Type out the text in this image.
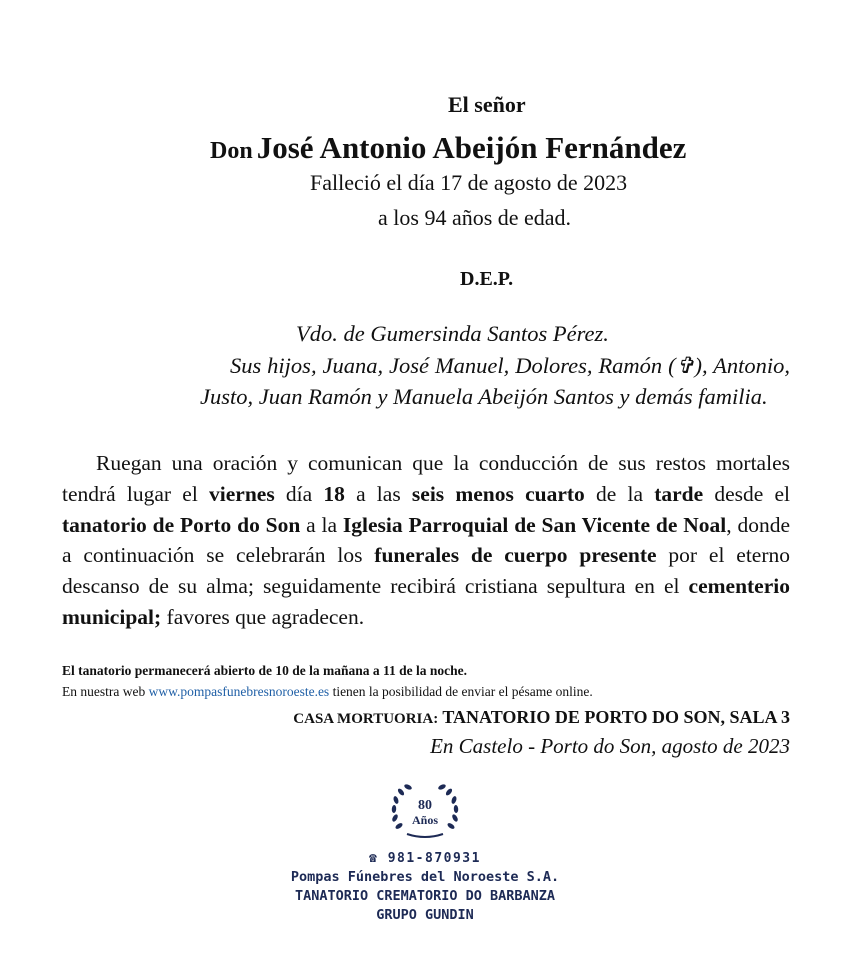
El señor
Don José Antonio Abeijón Fernández
Falleció el día 17 de agosto de 2023
a los 94 años de edad.
D.E.P.
Vdo. de Gumersinda Santos Pérez.
Sus hijos, Juana, José Manuel, Dolores, Ramón (✞), Antonio, Justo, Juan Ramón y Manuela Abeijón Santos y demás familia.
Ruegan una oración y comunican que la conducción de sus restos mortales tendrá lugar el viernes día 18 a las seis menos cuarto de la tarde desde el tanatorio de Porto do Son a la Iglesia Parroquial de San Vicente de Noal, donde a continuación se celebrarán los funerales de cuerpo presente por el eterno descanso de su alma; seguidamente recibirá cristiana sepultura en el cementerio municipal; favores que agradecen.
El tanatorio permanecerá abierto de 10 de la mañana a 11 de la noche.
En nuestra web www.pompasfunebresnoroeste.es tienen la posibilidad de enviar el pésame online.
CASA MORTUORIA: TANATORIO DE PORTO DO SON, SALA 3
En Castelo - Porto do Son, agosto de 2023
80
Años
☎ 981-870931
Pompas Fúnebres del Noroeste S.A.
TANATORIO CREMATORIO DO BARBANZA
GRUPO GUNDIN
